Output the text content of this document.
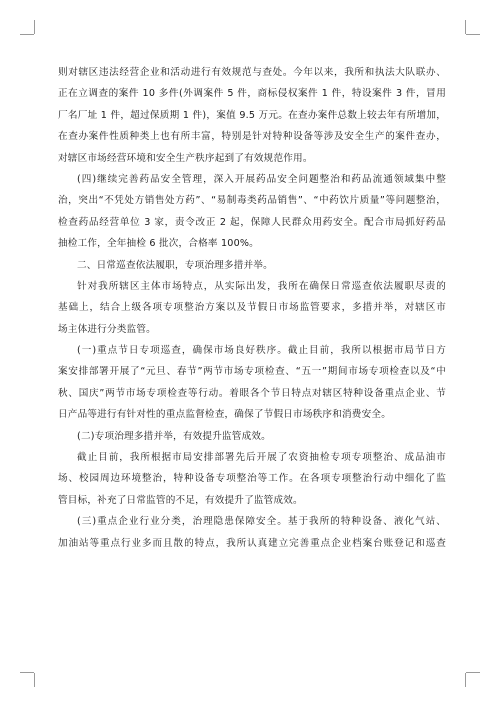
则对辖区违法经营企业和活动进行有效规范与查处。今年以来，我所和执法大队联办、
正在立调查的案件 10 多件(外调案件 5 件，商标侵权案件 1 件，特设案件 3 件，冒用
厂名厂址 1 件，超过保质期 1 件)，案值 9.5 万元。在查办案件总数上较去年有所增加，
在查办案件性质种类上也有所丰富，特别是针对特种设备等涉及安全生产的案件查办，
对辖区市场经营环境和安全生产秩序起到了有效规范作用。
(四)继续完善药品安全管理，深入开展药品安全问题整治和药品流通领域集中整
治，突出“不凭处方销售处方药”、“易制毒类药品销售”、“中药饮片质量”等问题整治，
检查药品经营单位 3 家，责令改正 2 起，保障人民群众用药安全。配合市局抓好药品
抽检工作，全年抽检 6 批次，合格率 100%。
二、日常巡查依法履职，专项治理多措并举。
针对我所辖区主体市场特点，从实际出发，我所在确保日常巡查依法履职尽责的
基础上，结合上级各项专项整治方案以及节假日市场监管要求，多措并举，对辖区市
场主体进行分类监管。
(一)重点节日专项巡查，确保市场良好秩序。截止目前，我所以根据市局节日方
案安排部署开展了“元旦、春节”两节市场专项检查、“五一”期间市场专项检查以及“中
秋、国庆”两节市场专项检查等行动。着眼各个节日特点对辖区特种设备重点企业、节
日产品等进行有针对性的重点监督检查，确保了节假日市场秩序和消费安全。
(二)专项治理多措并举，有效提升监管成效。
截止目前，我所根据市局安排部署先后开展了农资抽检专项专项整治、成品油市
场、校园周边环境整治，特种设备专项整治等工作。在各项专项整治行动中细化了监
管目标，补充了日常监管的不足，有效提升了监管成效。
(三)重点企业行业分类，治理隐患保障安全。基于我所的特种设备、液化气站、
加油站等重点行业多而且散的特点，我所认真建立完善重点企业档案台账登记和巡查
